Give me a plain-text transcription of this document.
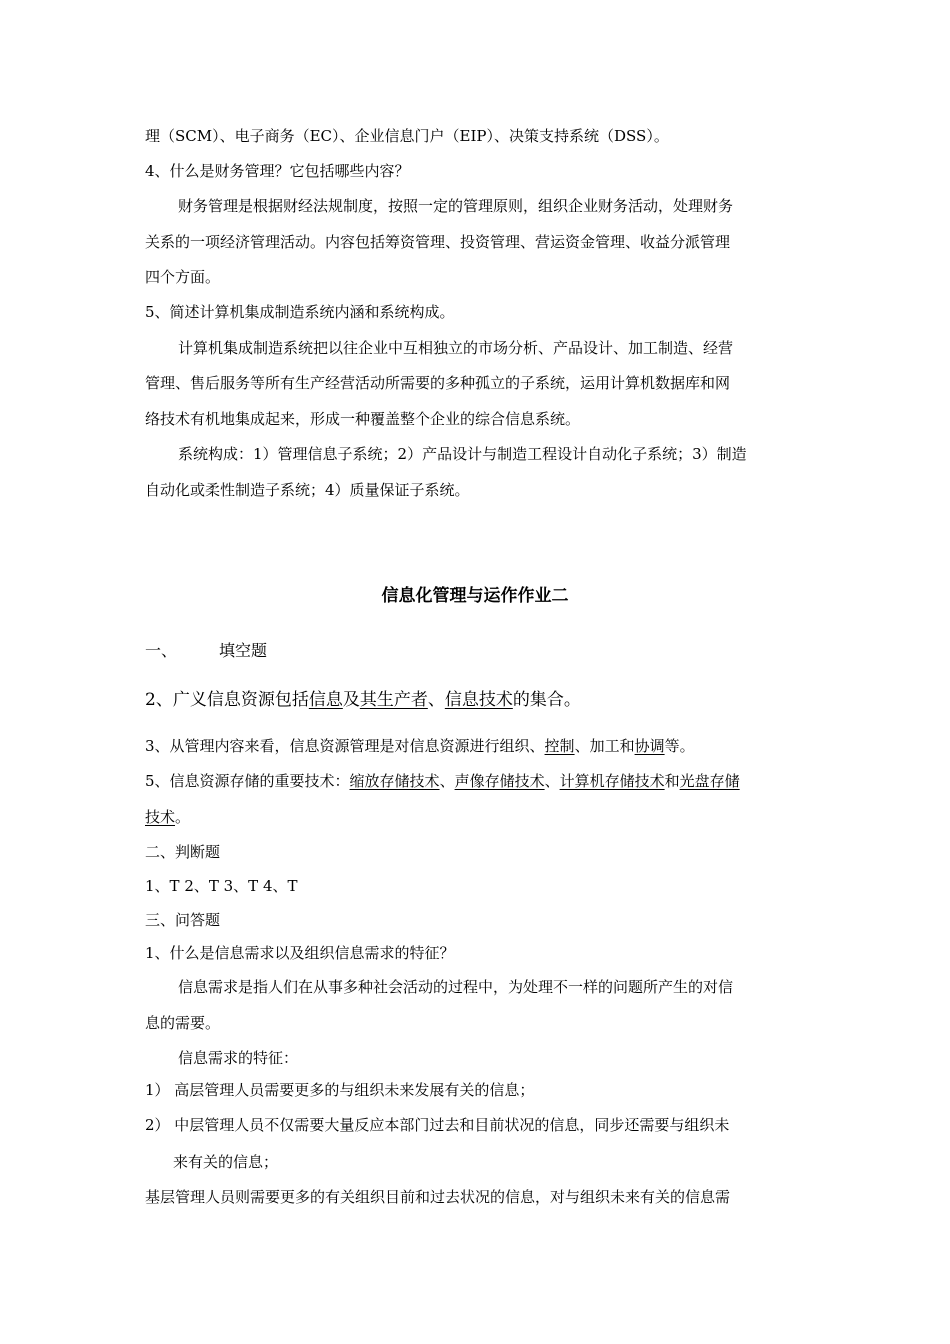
理（SCM）、电子商务（EC）、企业信息门户（EIP）、决策支持系统（DSS）。
4、什么是财务管理？它包括哪些内容？
财务管理是根据财经法规制度，按照一定的管理原则，组织企业财务活动，处理财务
关系的一项经济管理活动。内容包括筹资管理、投资管理、营运资金管理、收益分派管理
四个方面。
5、简述计算机集成制造系统内涵和系统构成。
计算机集成制造系统把以往企业中互相独立的市场分析、产品设计、加工制造、经营
管理、售后服务等所有生产经营活动所需要的多种孤立的子系统，运用计算机数据库和网
络技术有机地集成起来，形成一种覆盖整个企业的综合信息系统。
系统构成：1）管理信息子系统；2）产品设计与制造工程设计自动化子系统；3）制造
自动化或柔性制造子系统；4）质量保证子系统。
信息化管理与运作作业二
一、	填空题
2、广义信息资源包括信息及其生产者、信息技术的集合。
3、从管理内容来看，信息资源管理是对信息资源进行组织、控制、加工和协调等。
5、信息资源存储的重要技术：缩放存储技术、声像存储技术、计算机存储技术和光盘存储
技术。
二、判断题
1、T 2、T 3、T 4、T
三、问答题
1、什么是信息需求以及组织信息需求的特征？
信息需求是指人们在从事多种社会活动的过程中，为处理不一样的问题所产生的对信
息的需要。
信息需求的特征：
1） 高层管理人员需要更多的与组织未来发展有关的信息；
2） 中层管理人员不仅需要大量反应本部门过去和目前状况的信息，同步还需要与组织未
来有关的信息；
基层管理人员则需要更多的有关组织目前和过去状况的信息，对与组织未来有关的信息需
